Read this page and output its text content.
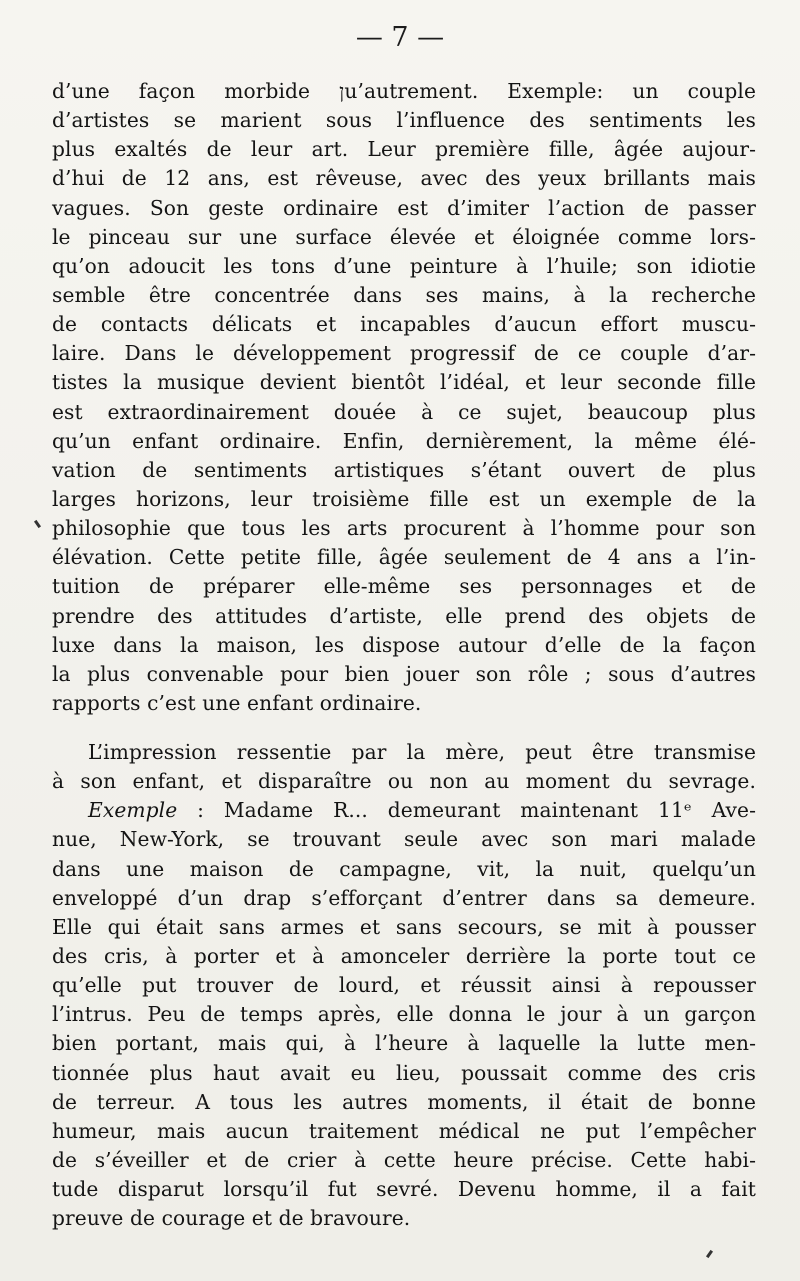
— 7 —
d’une façon morbide ןu’autrement. Exemple: un couple
d’artistes se marient sous l’influence des sentiments les
plus exaltés de leur art. Leur première fille, âgée aujour-
d’hui de 12 ans, est rêveuse, avec des yeux brillants mais
vagues. Son geste ordinaire est d’imiter l’action de passer
le pinceau sur une surface élevée et éloignée comme lors-
qu’on adoucit les tons d’une peinture à l’huile; son idiotie
semble être concentrée dans ses mains, à la recherche
de contacts délicats et incapables d’aucun effort muscu-
laire. Dans le développement progressif de ce couple d’ar-
tistes la musique devient bientôt l’idéal, et leur seconde fille
est extraordinairement douée à ce sujet, beaucoup plus
qu’un enfant ordinaire. Enfin, dernièrement, la même élé-
vation de sentiments artistiques s’étant ouvert de plus
larges horizons, leur troisième fille est un exemple de la
philosophie que tous les arts procurent à l’homme pour son
élévation. Cette petite fille, âgée seulement de 4 ans a l’in-
tuition de préparer elle-même ses personnages et de
prendre des attitudes d’artiste, elle prend des objets de
luxe dans la maison, les dispose autour d’elle de la façon
la plus convenable pour bien jouer son rôle ; sous d’autres
rapports c’est une enfant ordinaire.
L’impression ressentie par la mère, peut être transmise
à son enfant, et disparaître ou non au moment du sevrage.
Exemple : Madame R... demeurant maintenant 11ᵉ Ave-
nue, New-York, se trouvant seule avec son mari malade
dans une maison de campagne, vit, la nuit, quelqu’un
enveloppé d’un drap s’efforçant d’entrer dans sa demeure.
Elle qui était sans armes et sans secours, se mit à pousser
des cris, à porter et à amonceler derrière la porte tout ce
qu’elle put trouver de lourd, et réussit ainsi à repousser
l’intrus. Peu de temps après, elle donna le jour à un garçon
bien portant, mais qui, à l’heure à laquelle la lutte men-
tionnée plus haut avait eu lieu, poussait comme des cris
de terreur. A tous les autres moments, il était de bonne
humeur, mais aucun traitement médical ne put l’empêcher
de s’éveiller et de crier à cette heure précise. Cette habi-
tude disparut lorsqu’il fut sevré. Devenu homme, il a fait
preuve de courage et de bravoure.
